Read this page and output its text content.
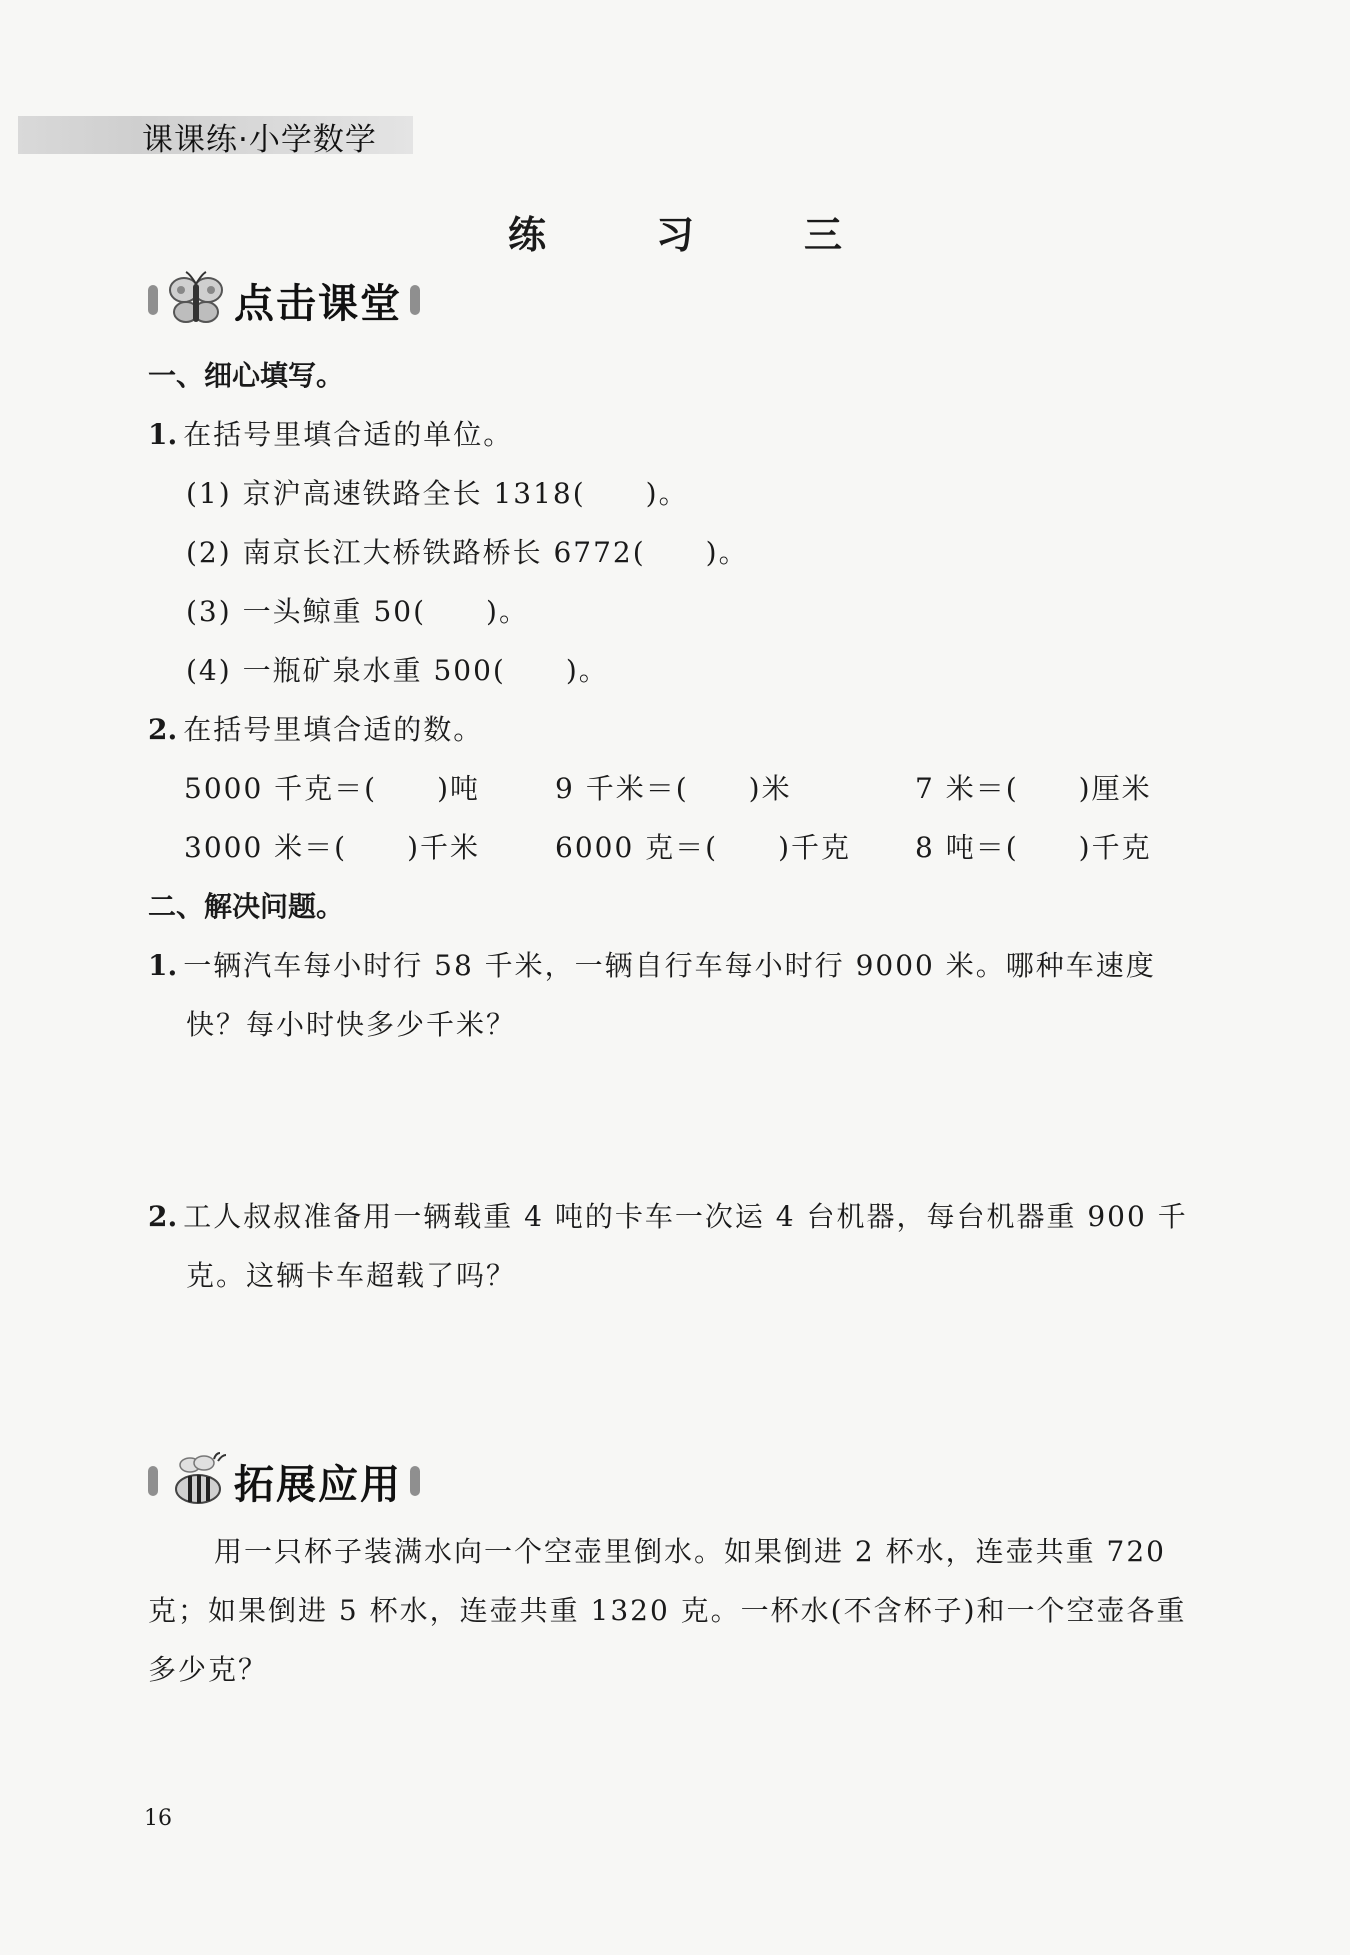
课课练·小学数学
练　习　三
点击课堂
一、细心填写。
1. 在括号里填合适的单位。
(1) 京沪高速铁路全长 1318(　　)。
(2) 南京长江大桥铁路桥长 6772(　　)。
(3) 一头鲸重 50(　　)。
(4) 一瓶矿泉水重 500(　　)。
2. 在括号里填合适的数。
5000 千克＝(　　)吨	9 千米＝(　　)米	7 米＝(　　)厘米
3000 米＝(　　)千米	6000 克＝(　　)千克 8 吨＝(　　)千克
二、解决问题。
1. 一辆汽车每小时行 58 千米，一辆自行车每小时行 9000 米。哪种车速度
快？每小时快多少千米？
2. 工人叔叔准备用一辆载重 4 吨的卡车一次运 4 台机器，每台机器重 900 千
克。这辆卡车超载了吗？
拓展应用
用一只杯子装满水向一个空壶里倒水。如果倒进 2 杯水，连壶共重 720
克；如果倒进 5 杯水，连壶共重 1320 克。一杯水(不含杯子)和一个空壶各重
多少克？
16
